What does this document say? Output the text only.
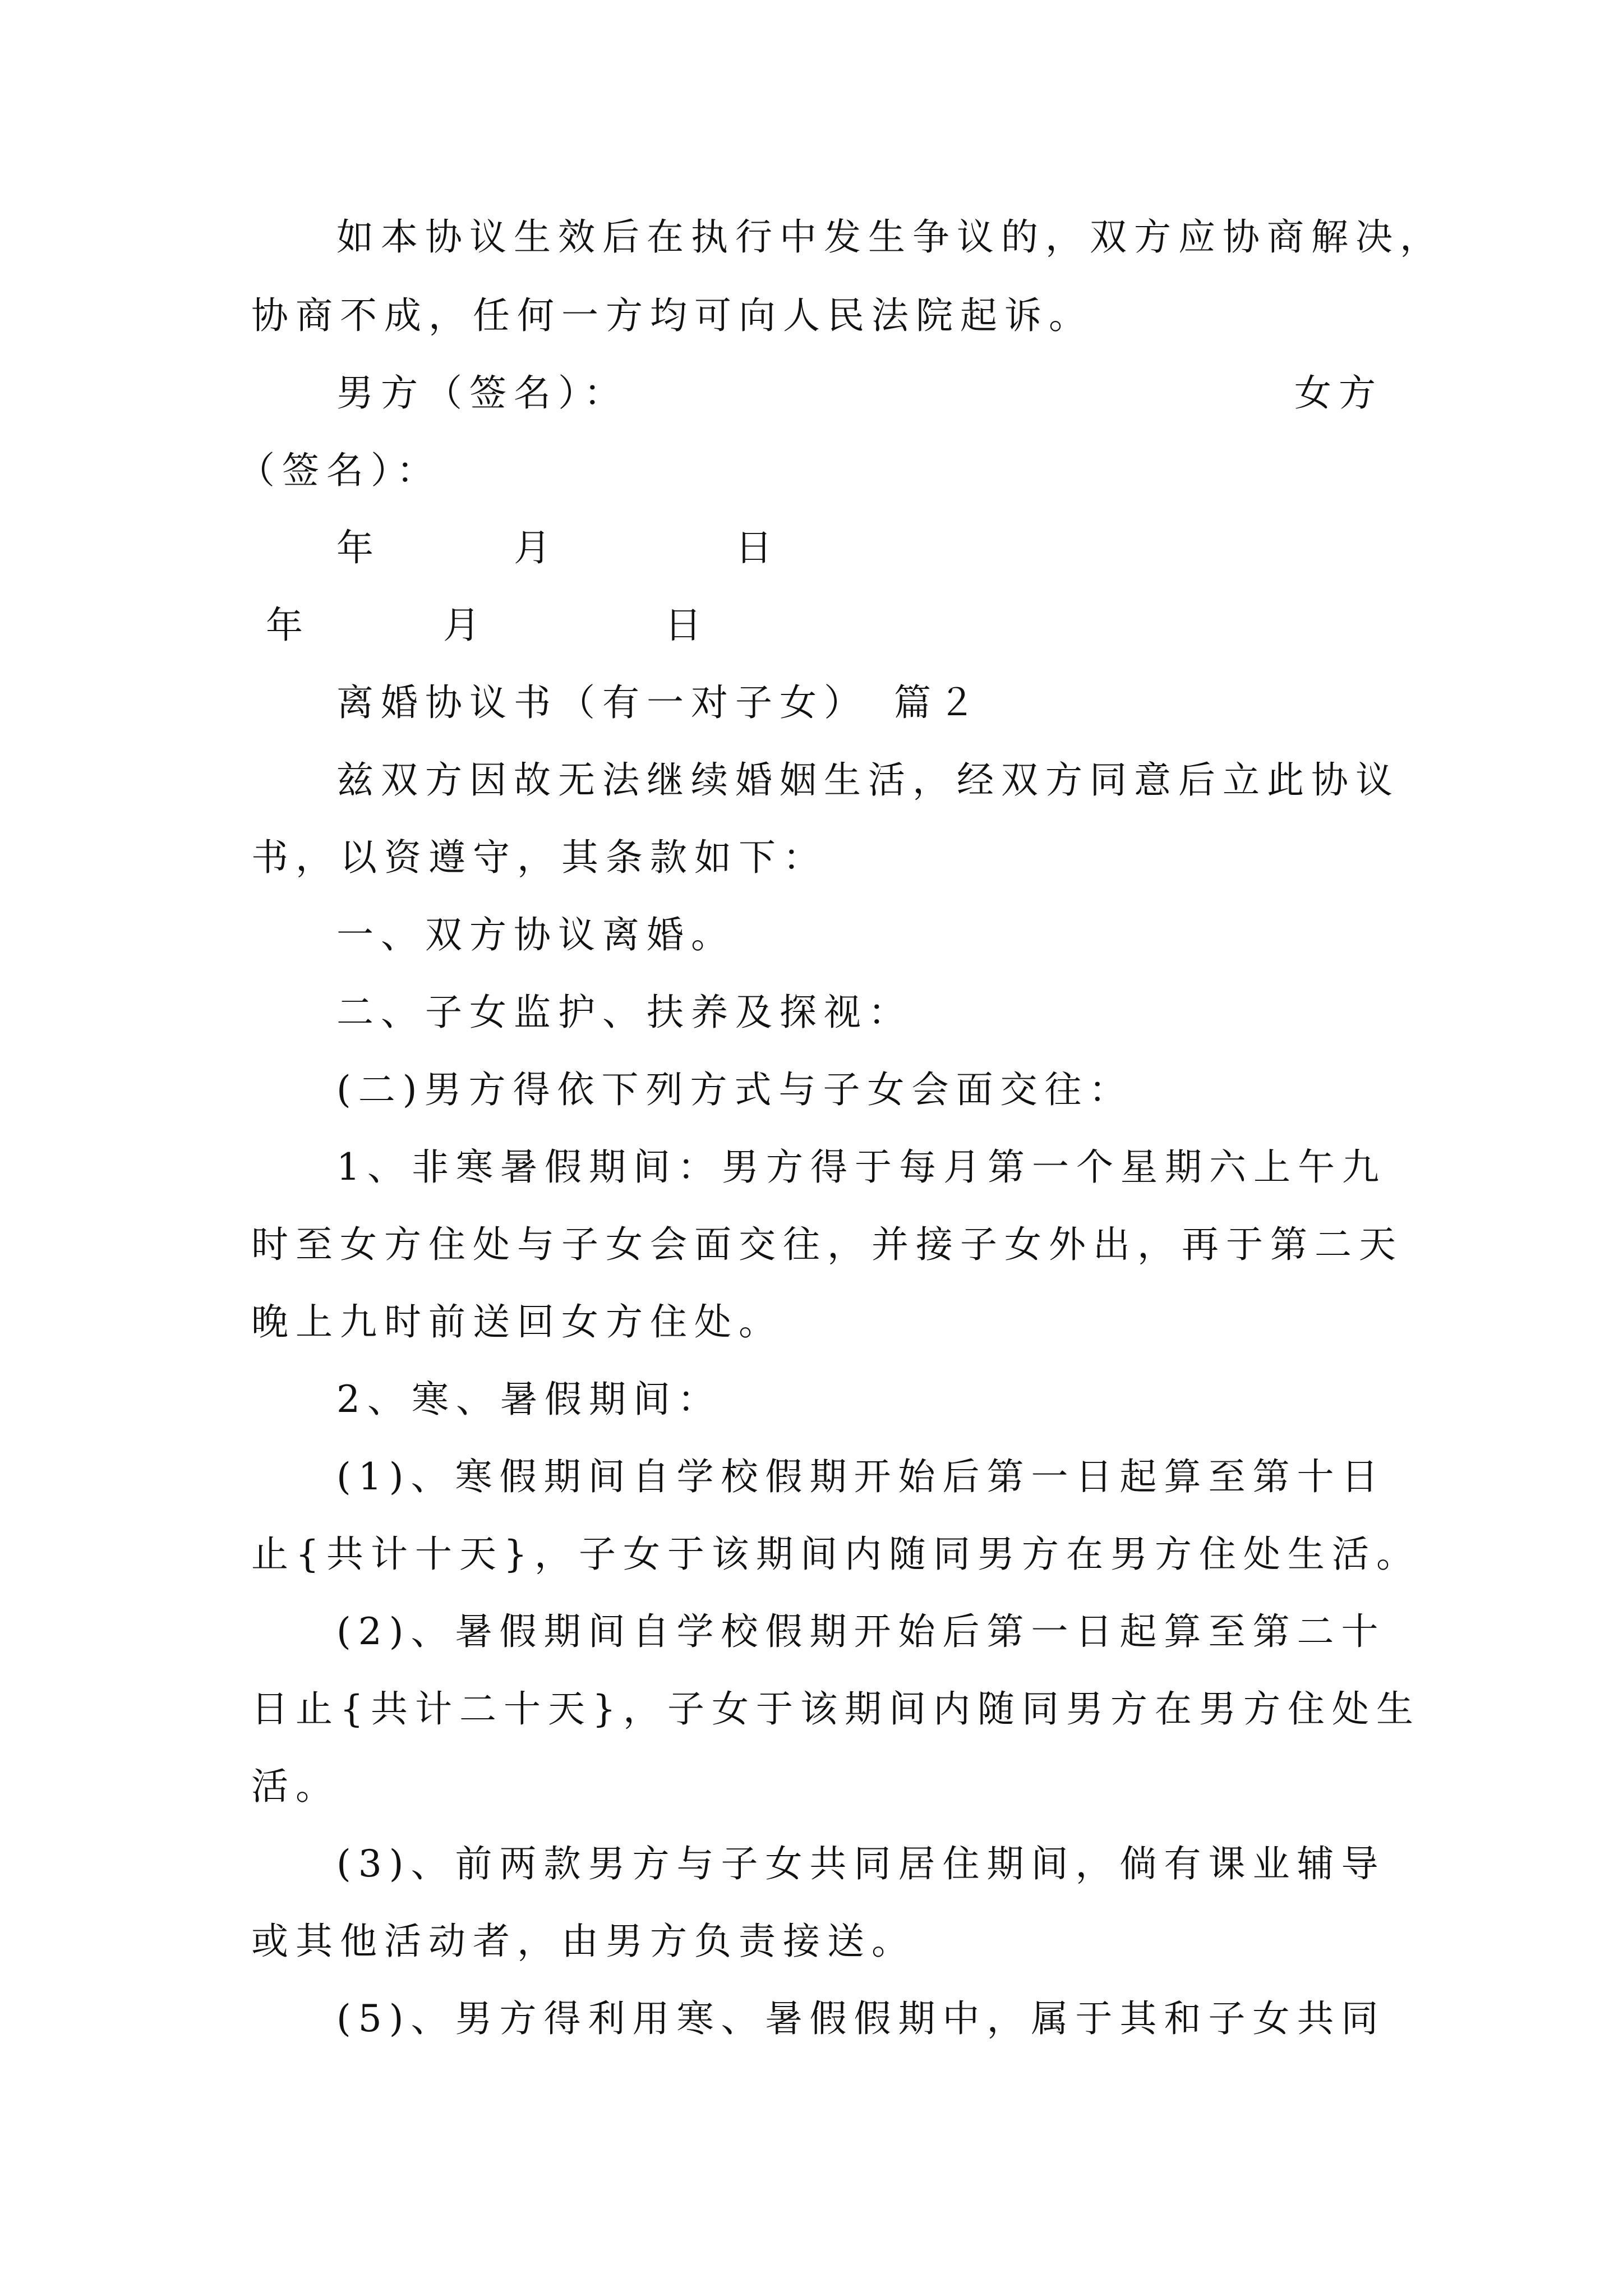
如本协议生效后在执行中发生争议的，双方应协商解决，
协商不成，任何一方均可向人民法院起诉。
男方（签名）：	女方
（签名）：
年　　　月　　　　日
年　　　月　　　　日
离婚协议书（有一对子女）　篇２
兹双方因故无法继续婚姻生活，经双方同意后立此协议
书，以资遵守，其条款如下：
一、双方协议离婚。
二、子女监护、扶养及探视：
(二)男方得依下列方式与子女会面交往：
1、非寒暑假期间：男方得于每月第一个星期六上午九
时至女方住处与子女会面交往，并接子女外出，再于第二天
晚上九时前送回女方住处。
2、寒、暑假期间：
(1)、寒假期间自学校假期开始后第一日起算至第十日
止{共计十天}，子女于该期间内随同男方在男方住处生活。
(2)、暑假期间自学校假期开始后第一日起算至第二十
日止{共计二十天}，子女于该期间内随同男方在男方住处生
活。
(3)、前两款男方与子女共同居住期间，倘有课业辅导
或其他活动者，由男方负责接送。
(5)、男方得利用寒、暑假假期中，属于其和子女共同
